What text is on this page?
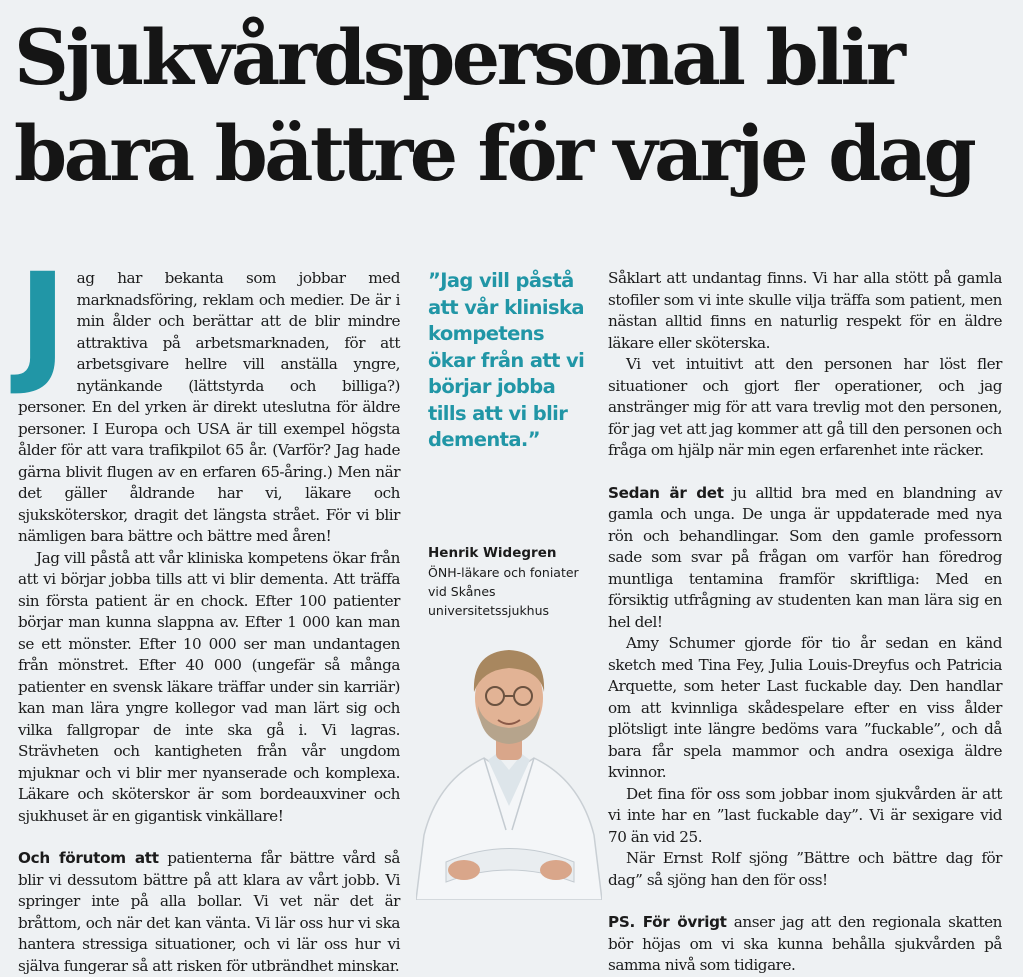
Sjukvårdspersonal blir bara bättre för varje dag

Jag har bekanta som jobbar med marknadsföring, reklam och medier. De är i min ålder och berättar att de blir mindre attraktiva på arbetsmarknaden, för att arbetsgivare hellre vill anställa yngre, nytänkande (lättstyrda och billiga?) personer. En del yrken är direkt uteslutna för äldre personer. I Europa och USA är till exempel högsta ålder för att vara trafikpilot 65 år. (Varför? Jag hade gärna blivit flugen av en erfaren 65-åring.) Men när det gäller åldrande har vi, läkare och sjuksköterskor, dragit det längsta strået. För vi blir nämligen bara bättre och bättre med åren!

Jag vill påstå att vår kliniska kompetens ökar från att vi börjar jobba tills att vi blir dementa. Att träffa sin första patient är en chock. Efter 100 patienter börjar man kunna slappna av. Efter 1 000 kan man se ett mönster. Efter 10 000 ser man undantagen från mönstret. Efter 40 000 (ungefär så många patienter en svensk läkare träffar under sin karriär) kan man lära yngre kollegor vad man lärt sig och vilka fallgropar de inte ska gå i. Vi lagras. Strävheten och kantigheten från vår ungdom mjuknar och vi blir mer nyanserade och komplexa. Läkare och sköterskor är som bordeauxviner och sjukhuset är en gigantisk vinkällare!

Och förutom att patienterna får bättre vård så blir vi dessutom bättre på att klara av vårt jobb. Vi springer inte på alla bollar. Vi vet när det är bråttom, och när det kan vänta. Vi lär oss hur vi ska hantera stressiga situationer, och vi lär oss hur vi själva fungerar så att risken för utbrändhet minskar.

”Jag vill påstå att vår kliniska kompetens ökar från att vi börjar jobba tills att vi blir dementa.”

Henrik Widegren
ÖNH-läkare och foniater vid Skånes universitetssjukhus

Såklart att undantag finns. Vi har alla stött på gamla stofiler som vi inte skulle vilja träffa som patient, men nästan alltid finns en naturlig respekt för en äldre läkare eller sköterska.

Vi vet intuitivt att den personen har löst fler situationer och gjort fler operationer, och jag anstränger mig för att vara trevlig mot den personen, för jag vet att jag kommer att gå till den personen och fråga om hjälp när min egen erfarenhet inte räcker.

Sedan är det ju alltid bra med en blandning av gamla och unga. De unga är uppdaterade med nya rön och behandlingar. Som den gamle professorn sade som svar på frågan om varför han föredrog muntliga tentamina framför skriftliga: Med en försiktig utfrågning av studenten kan man lära sig en hel del!

Amy Schumer gjorde för tio år sedan en känd sketch med Tina Fey, Julia Louis-Dreyfus och Patricia Arquette, som heter Last fuckable day. Den handlar om att kvinnliga skådespelare efter en viss ålder plötsligt inte längre bedöms vara ”fuckable”, och då bara får spela mammor och andra osexiga äldre kvinnor.

Det fina för oss som jobbar inom sjukvården är att vi inte har en ”last fuckable day”. Vi är sexigare vid 70 än vid 25.

När Ernst Rolf sjöng ”Bättre och bättre dag för dag” så sjöng han den för oss!

PS. För övrigt anser jag att den regionala skatten bör höjas om vi ska kunna behålla sjukvården på samma nivå som tidigare.
